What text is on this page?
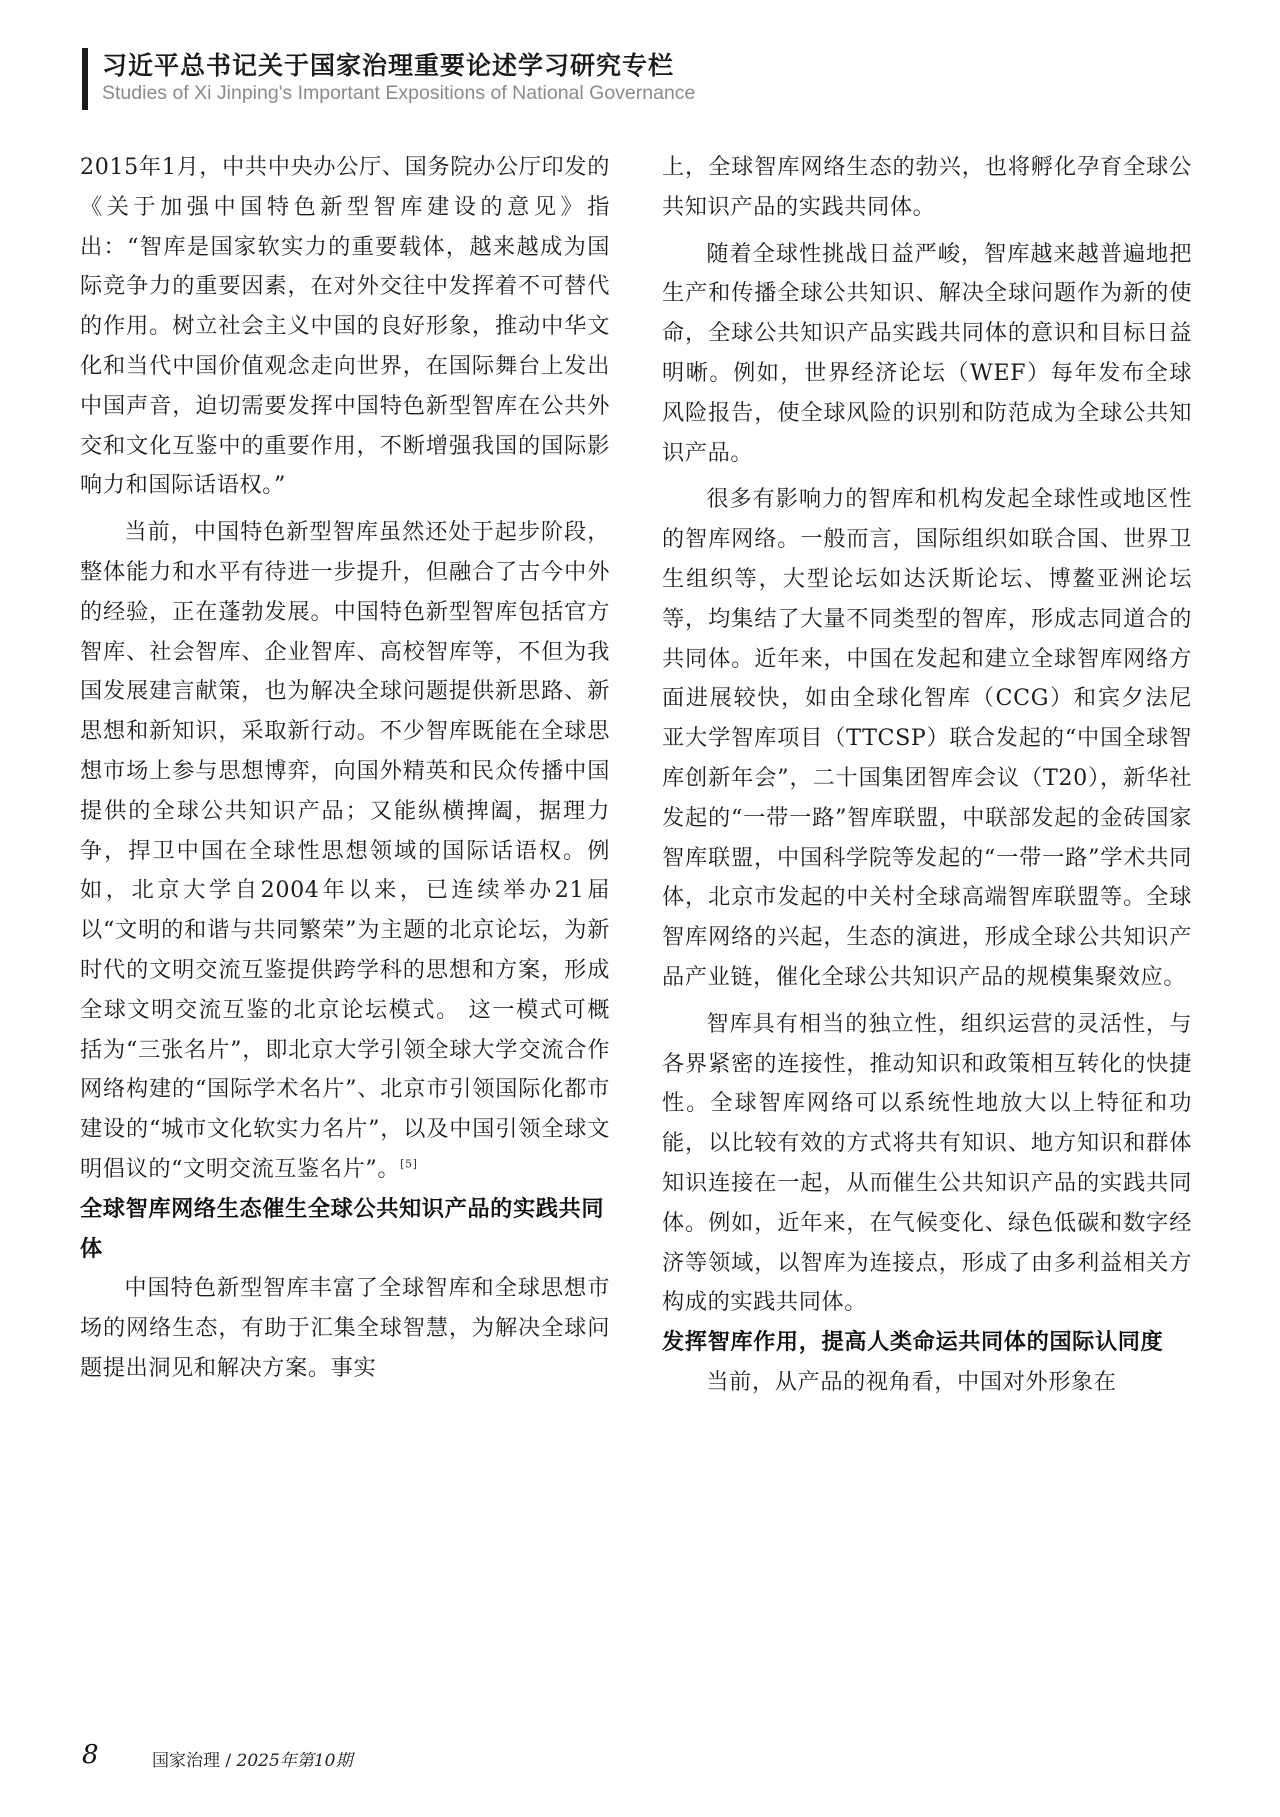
习近平总书记关于国家治理重要论述学习研究专栏

Studies of Xi Jinping's Important Expositions of National Governance

2015年1月，中共中央办公厅、国务院办公厅印发的《关于加强中国特色新型智库建设的意见》指出：“智库是国家软实力的重要载体，越来越成为国际竞争力的重要因素，在对外交往中发挥着不可替代的作用。树立社会主义中国的良好形象，推动中华文化和当代中国价值观念走向世界，在国际舞台上发出中国声音，迫切需要发挥中国特色新型智库在公共外交和文化互鉴中的重要作用，不断增强我国的国际影响力和国际话语权。”

当前，中国特色新型智库虽然还处于起步阶段，整体能力和水平有待进一步提升，但融合了古今中外的经验，正在蓬勃发展。中国特色新型智库包括官方智库、社会智库、企业智库、高校智库等，不但为我国发展建言献策，也为解决全球问题提供新思路、新思想和新知识，采取新行动。不少智库既能在全球思想市场上参与思想博弈，向国外精英和民众传播中国提供的全球公共知识产品；又能纵横捭阖，据理力争，捍卫中国在全球性思想领域的国际话语权。例如，北京大学自2004年以来，已连续举办21届以“文明的和谐与共同繁荣”为主题的北京论坛，为新时代的文明交流互鉴提供跨学科的思想和方案，形成全球文明交流互鉴的北京论坛模式。 这一模式可概括为“三张名片”，即北京大学引领全球大学交流合作网络构建的“国际学术名片”、北京市引领国际化都市建设的“城市文化软实力名片”，以及中国引领全球文明倡议的“文明交流互鉴名片”。[5]

全球智库网络生态催生全球公共知识产品的实践共同体

中国特色新型智库丰富了全球智库和全球思想市场的网络生态，有助于汇集全球智慧，为解决全球问题提出洞见和解决方案。事实

上，全球智库网络生态的勃兴，也将孵化孕育全球公共知识产品的实践共同体。

随着全球性挑战日益严峻，智库越来越普遍地把生产和传播全球公共知识、解决全球问题作为新的使命，全球公共知识产品实践共同体的意识和目标日益明晰。例如，世界经济论坛（WEF）每年发布全球风险报告，使全球风险的识别和防范成为全球公共知识产品。

很多有影响力的智库和机构发起全球性或地区性的智库网络。一般而言，国际组织如联合国、世界卫生组织等，大型论坛如达沃斯论坛、博鳌亚洲论坛等，均集结了大量不同类型的智库，形成志同道合的共同体。近年来，中国在发起和建立全球智库网络方面进展较快，如由全球化智库（CCG）和宾夕法尼亚大学智库项目（TTCSP）联合发起的“中国全球智库创新年会”，二十国集团智库会议（T20），新华社发起的“一带一路”智库联盟，中联部发起的金砖国家智库联盟，中国科学院等发起的“一带一路”学术共同体，北京市发起的中关村全球高端智库联盟等。全球智库网络的兴起，生态的演进，形成全球公共知识产品产业链，催化全球公共知识产品的规模集聚效应。

智库具有相当的独立性，组织运营的灵活性，与各界紧密的连接性，推动知识和政策相互转化的快捷性。全球智库网络可以系统性地放大以上特征和功能，以比较有效的方式将共有知识、地方知识和群体知识连接在一起，从而催生公共知识产品的实践共同体。例如，近年来，在气候变化、绿色低碳和数字经济等领域，以智库为连接点，形成了由多利益相关方构成的实践共同体。

发挥智库作用，提高人类命运共同体的国际认同度

当前，从产品的视角看，中国对外形象在

8	国家治理 / 2025年第10期
